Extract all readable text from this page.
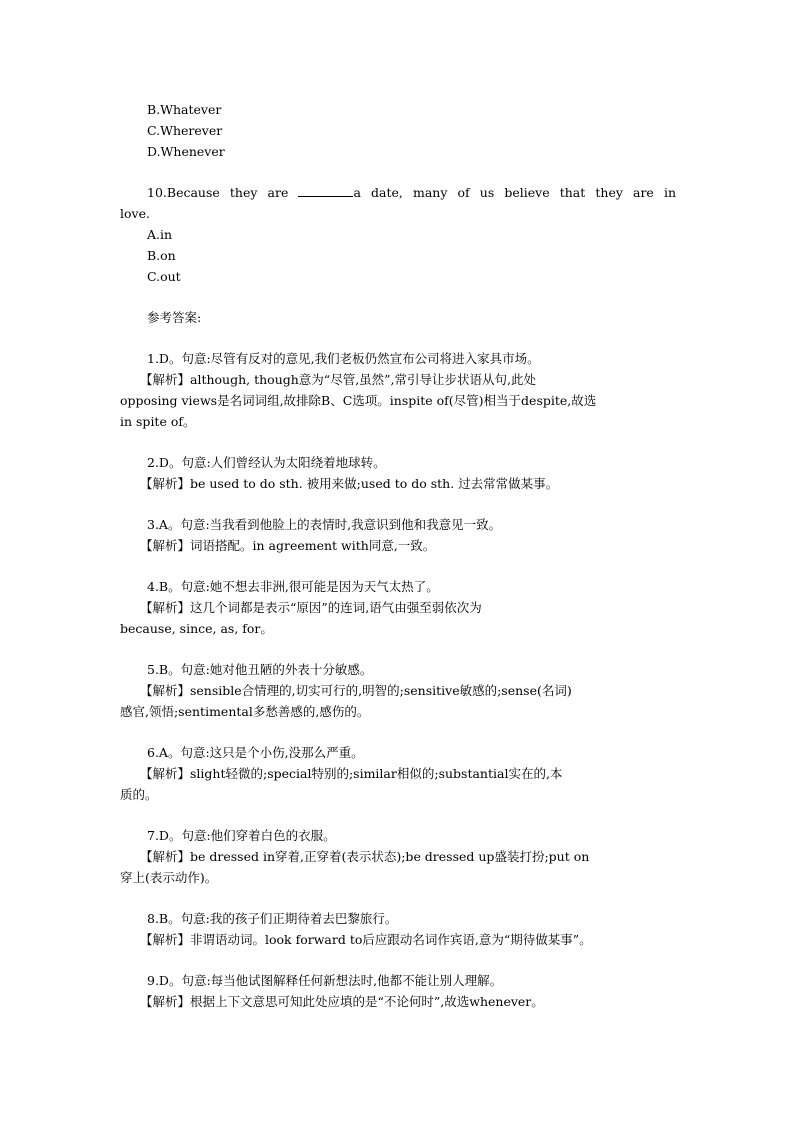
B.Whatever
C.Wherever
D.Whenever
10.Because they are	a date, many of us believe that they are in
love.
A.in
B.on
C.out
参考答案:
1.D。句意:尽管有反对的意见,我们老板仍然宣布公司将进入家具市场。
【解析】although, though意为“尽管,虽然”,常引导让步状语从句,此处
opposing views是名词词组,故排除B、C选项。inspite of(尽管)相当于despite,故选
in spite of。
2.D。句意:人们曾经认为太阳绕着地球转。
【解析】be used to do sth. 被用来做;used to do sth. 过去常常做某事。
3.A。句意:当我看到他脸上的表情时,我意识到他和我意见一致。
【解析】词语搭配。in agreement with同意,一致。
4.B。句意:她不想去非洲,很可能是因为天气太热了。
【解析】这几个词都是表示“原因”的连词,语气由强至弱依次为
because, since, as, for。
5.B。句意:她对他丑陋的外表十分敏感。
【解析】sensible合情理的,切实可行的,明智的;sensitive敏感的;sense(名词)
感官,领悟;sentimental多愁善感的,感伤的。
6.A。句意:这只是个小伤,没那么严重。
【解析】slight轻微的;special特别的;similar相似的;substantial实在的,本
质的。
7.D。句意:他们穿着白色的衣服。
【解析】be dressed in穿着,正穿着(表示状态);be dressed up盛装打扮;put on
穿上(表示动作)。
8.B。句意:我的孩子们正期待着去巴黎旅行。
【解析】非谓语动词。look forward to后应跟动名词作宾语,意为“期待做某事”。
9.D。句意:每当他试图解释任何新想法时,他都不能让别人理解。
【解析】根据上下文意思可知此处应填的是“不论何时”,故选whenever。
